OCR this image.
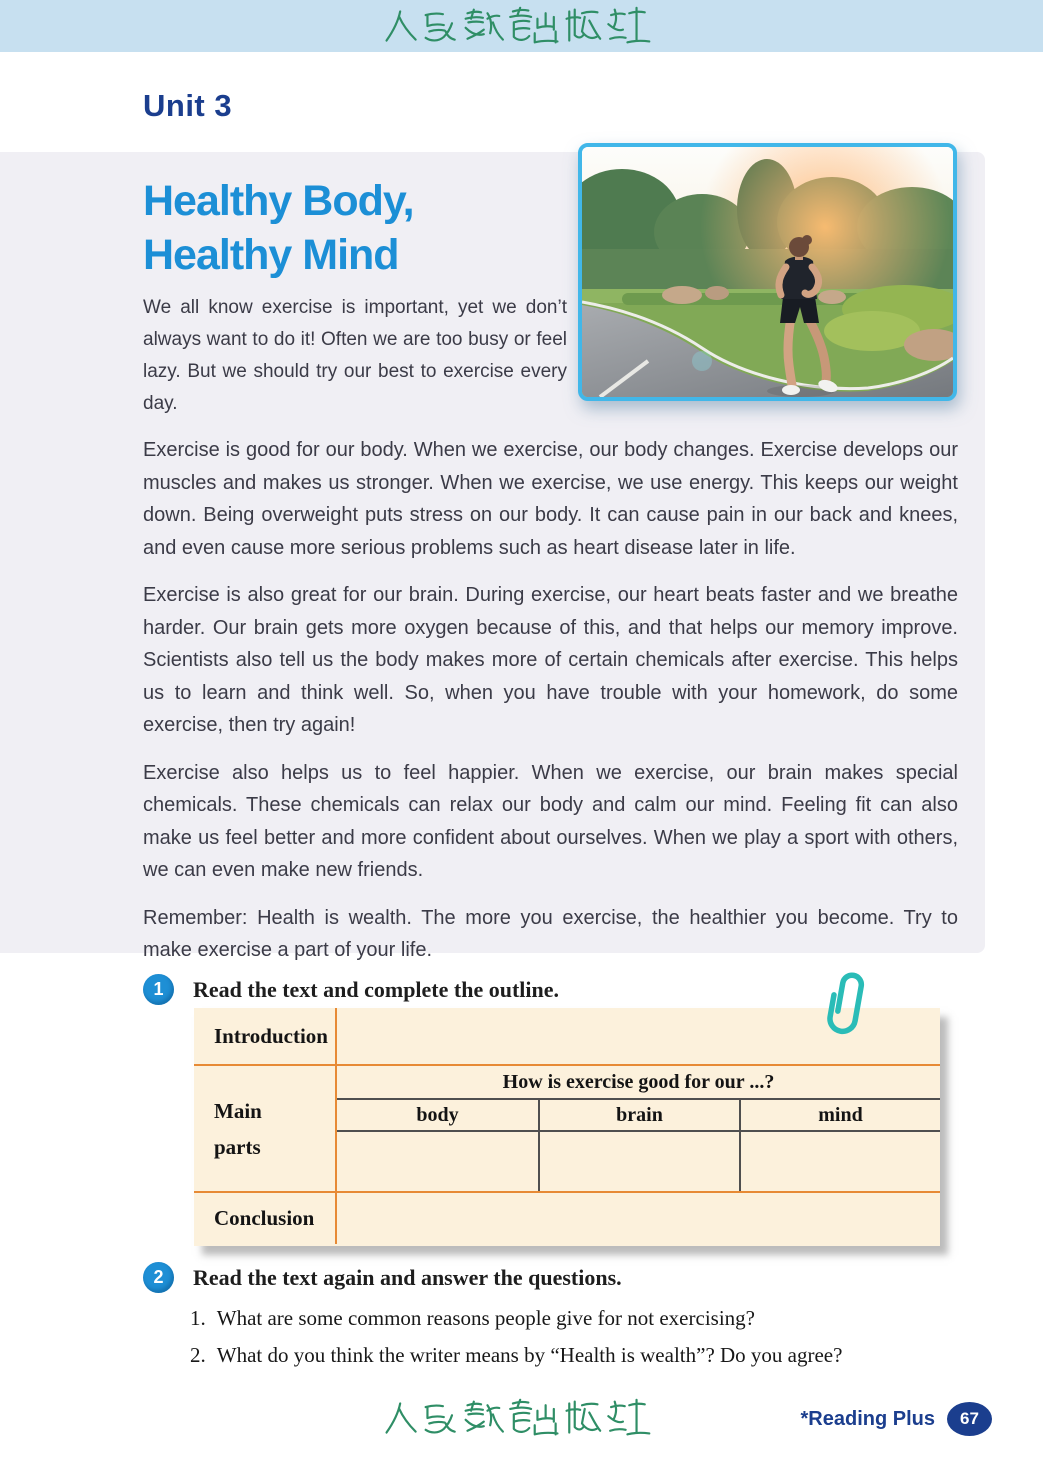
Unit 3
Healthy Body,
Healthy Mind

We all know exercise is important, yet we don’t always want to do it! Often we are too busy or feel lazy. But we should try our best to exercise every day.

Exercise is good for our body. When we exercise, our body changes. Exercise develops our muscles and makes us stronger. When we exercise, we use energy. This keeps our weight down. Being overweight puts stress on our body. It can cause pain in our back and knees, and even cause more serious problems such as heart disease later in life.

Exercise is also great for our brain. During exercise, our heart beats faster and we breathe harder. Our brain gets more oxygen because of this, and that helps our memory improve. Scientists also tell us the body makes more of certain chemicals after exercise. This helps us to learn and think well. So, when you have trouble with your homework, do some exercise, then try again!

Exercise also helps us to feel happier. When we exercise, our brain makes special chemicals. These chemicals can relax our body and calm our mind. Feeling fit can also make us feel better and more confident about ourselves. When we play a sport with others, we can even make new friends.

Remember: Health is wealth. The more you exercise, the healthier you become. Try to make exercise a part of your life.

1	Read the text and complete the outline.
Introduction
Main parts
How is exercise good for our ...?
body	brain	mind
Conclusion
2	Read the text again and answer the questions.
1. What are some common reasons people give for not exercising?
2. What do you think the writer means by “Health is wealth”? Do you agree?
*Reading Plus	67
